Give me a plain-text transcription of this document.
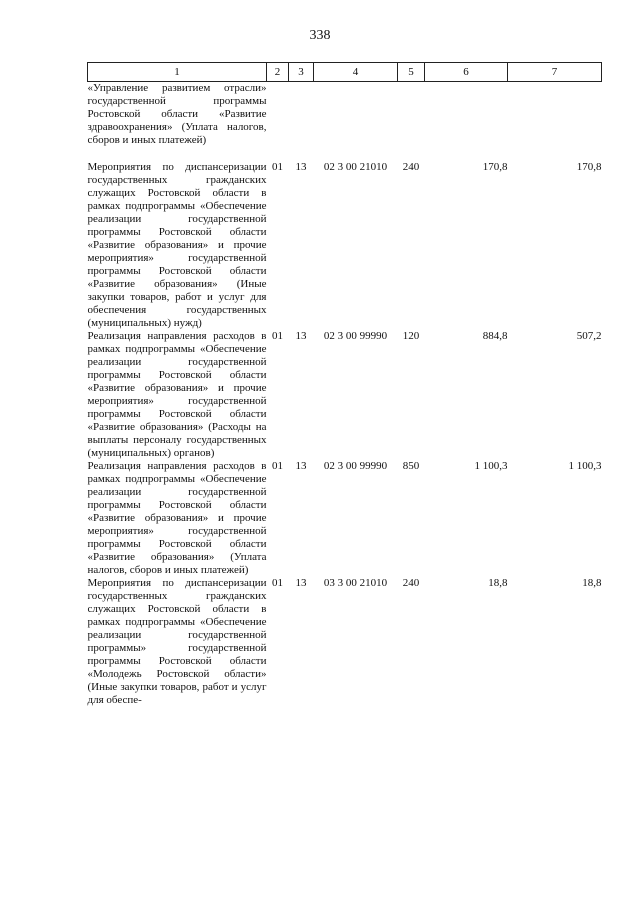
338
1	2	3	4	5	6	7
«Управление развитием отрасли» государственной программы Ростовской области «Развитие здравоохранения» (Уплата налогов, сборов и иных платежей)						
Мероприятия по диспансеризации государственных гражданских служащих Ростовской области в рамках подпрограммы «Обеспечение реализации государственной программы Ростовской области «Развитие образования» и прочие мероприятия» государственной программы Ростовской области «Развитие образования» (Иные закупки товаров, работ и услуг для обеспечения государственных (муниципальных) нужд)	01	13	02 3 00 21010	240	170,8	170,8
Реализация направления расходов в рамках подпрограммы «Обеспечение реализации государственной программы Ростовской области «Развитие образования» и прочие мероприятия» государственной программы Ростовской области «Развитие образования» (Расходы на выплаты персоналу государственных (муниципальных) органов)	01	13	02 3 00 99990	120	884,8	507,2
Реализация направления расходов в рамках подпрограммы «Обеспечение реализации государственной программы Ростовской области «Развитие образования» и прочие мероприятия» государственной программы Ростовской области «Развитие образования» (Уплата налогов, сборов и иных платежей)	01	13	02 3 00 99990	850	1 100,3	1 100,3
Мероприятия по диспансеризации государственных гражданских служащих Ростовской области в рамках подпрограммы «Обеспечение реализации государственной программы» государственной программы Ростовской области «Молодежь Ростовской области» (Иные закупки товаров, работ и услуг для обеспе-	01	13	03 3 00 21010	240	18,8	18,8
